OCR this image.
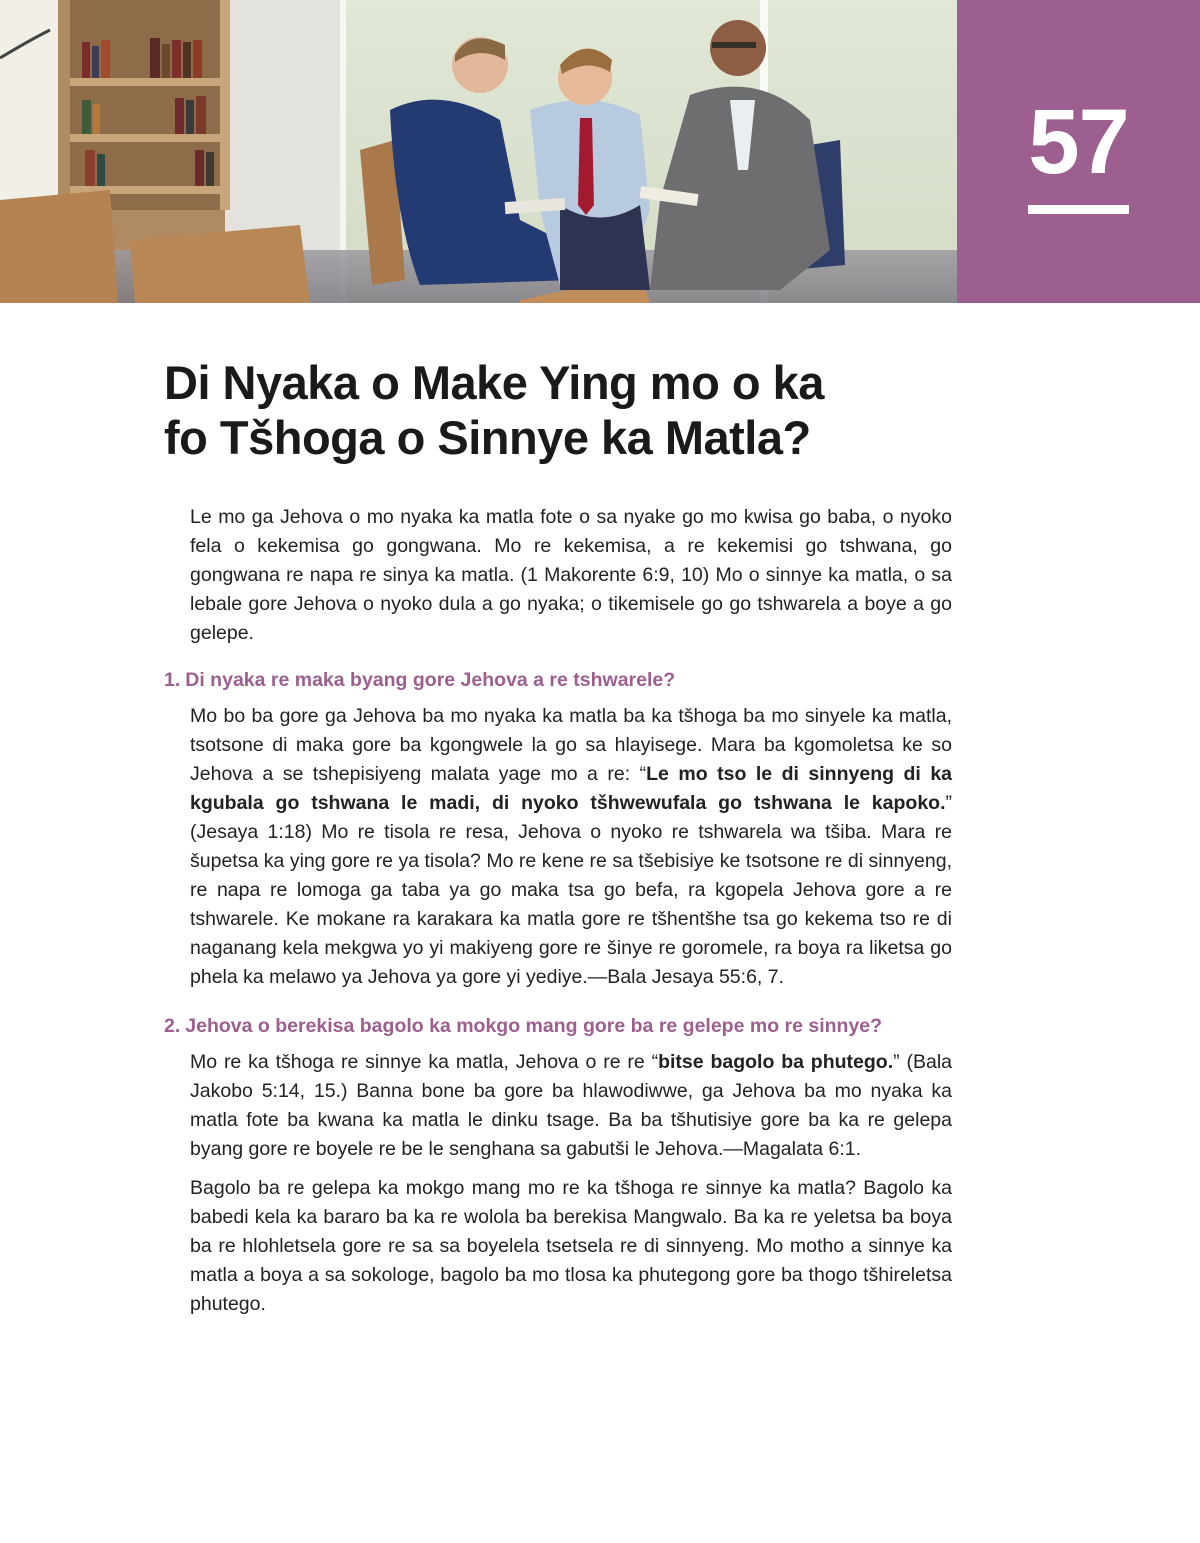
57
Di Nyaka o Make Ying mo o ka
fo Tšhoga o Sinnye ka Matla?

Le mo ga Jehova o mo nyaka ka matla fote o sa nyake go mo kwisa go baba, o nyoko fela o kekemisa go gongwana. Mo re kekemisa, a re kekemisi go tshwana, go gongwana re napa re sinya ka matla. (1 Makorente 6:9, 10) Mo o sinnye ka matla, o sa lebale gore Jehova o nyoko dula a go nyaka; o tikemisele go go tshwarela a boye a go gelepe.

1. Di nyaka re maka byang gore Jehova a re tshwarele?

Mo bo ba gore ga Jehova ba mo nyaka ka matla ba ka tšhoga ba mo sinyele ka matla, tsotsone di maka gore ba kgongwele la go sa hlayisege. Mara ba kgomoletsa ke so Jehova a se tshepisiyeng malata yage mo a re: “Le mo tso le di sinnyeng di ka kgubala go tshwana le madi, di nyoko tšhwewufala go tshwana le kapoko.” (Jesaya 1:18) Mo re tisola re resa, Jehova o nyoko re tshwarela wa tšiba. Mara re šupetsa ka ying gore re ya tisola? Mo re kene re sa tšebisiye ke tsotsone re di sinnyeng, re napa re lomoga ga taba ya go maka tsa go befa, ra kgopela Jehova gore a re tshwarele. Ke mokane ra karakara ka matla gore re tšhentšhe tsa go kekema tso re di naganang kela mekgwa yo yi makiyeng gore re šinye re goromele, ra boya ra liketsa go phela ka melawo ya Jehova ya gore yi yediye.—Bala Jesaya 55:6, 7.

2. Jehova o berekisa bagolo ka mokgo mang gore ba re gelepe mo re sinnye?

Mo re ka tšhoga re sinnye ka matla, Jehova o re re “bitse bagolo ba phutego.” (Bala Jakobo 5:14, 15.) Banna bone ba gore ba hlawodiwwe, ga Jehova ba mo nyaka ka matla fote ba kwana ka matla le dinku tsage. Ba ba tšhutisiye gore ba ka re gelepa byang gore re boyele re be le senghana sa gabutši le Jehova.—Magalata 6:1.

Bagolo ba re gelepa ka mokgo mang mo re ka tšhoga re sinnye ka matla? Bagolo ka babedi kela ka bararo ba ka re wolola ba berekisa Mangwalo. Ba ka re yeletsa ba boya ba re hlohletsela gore re sa sa boyelela tsetsela re di sinnyeng. Mo motho a sinnye ka matla a boya a sa sokologe, bagolo ba mo tlosa ka phutegong gore ba thogo tšhireletsa phutego.
